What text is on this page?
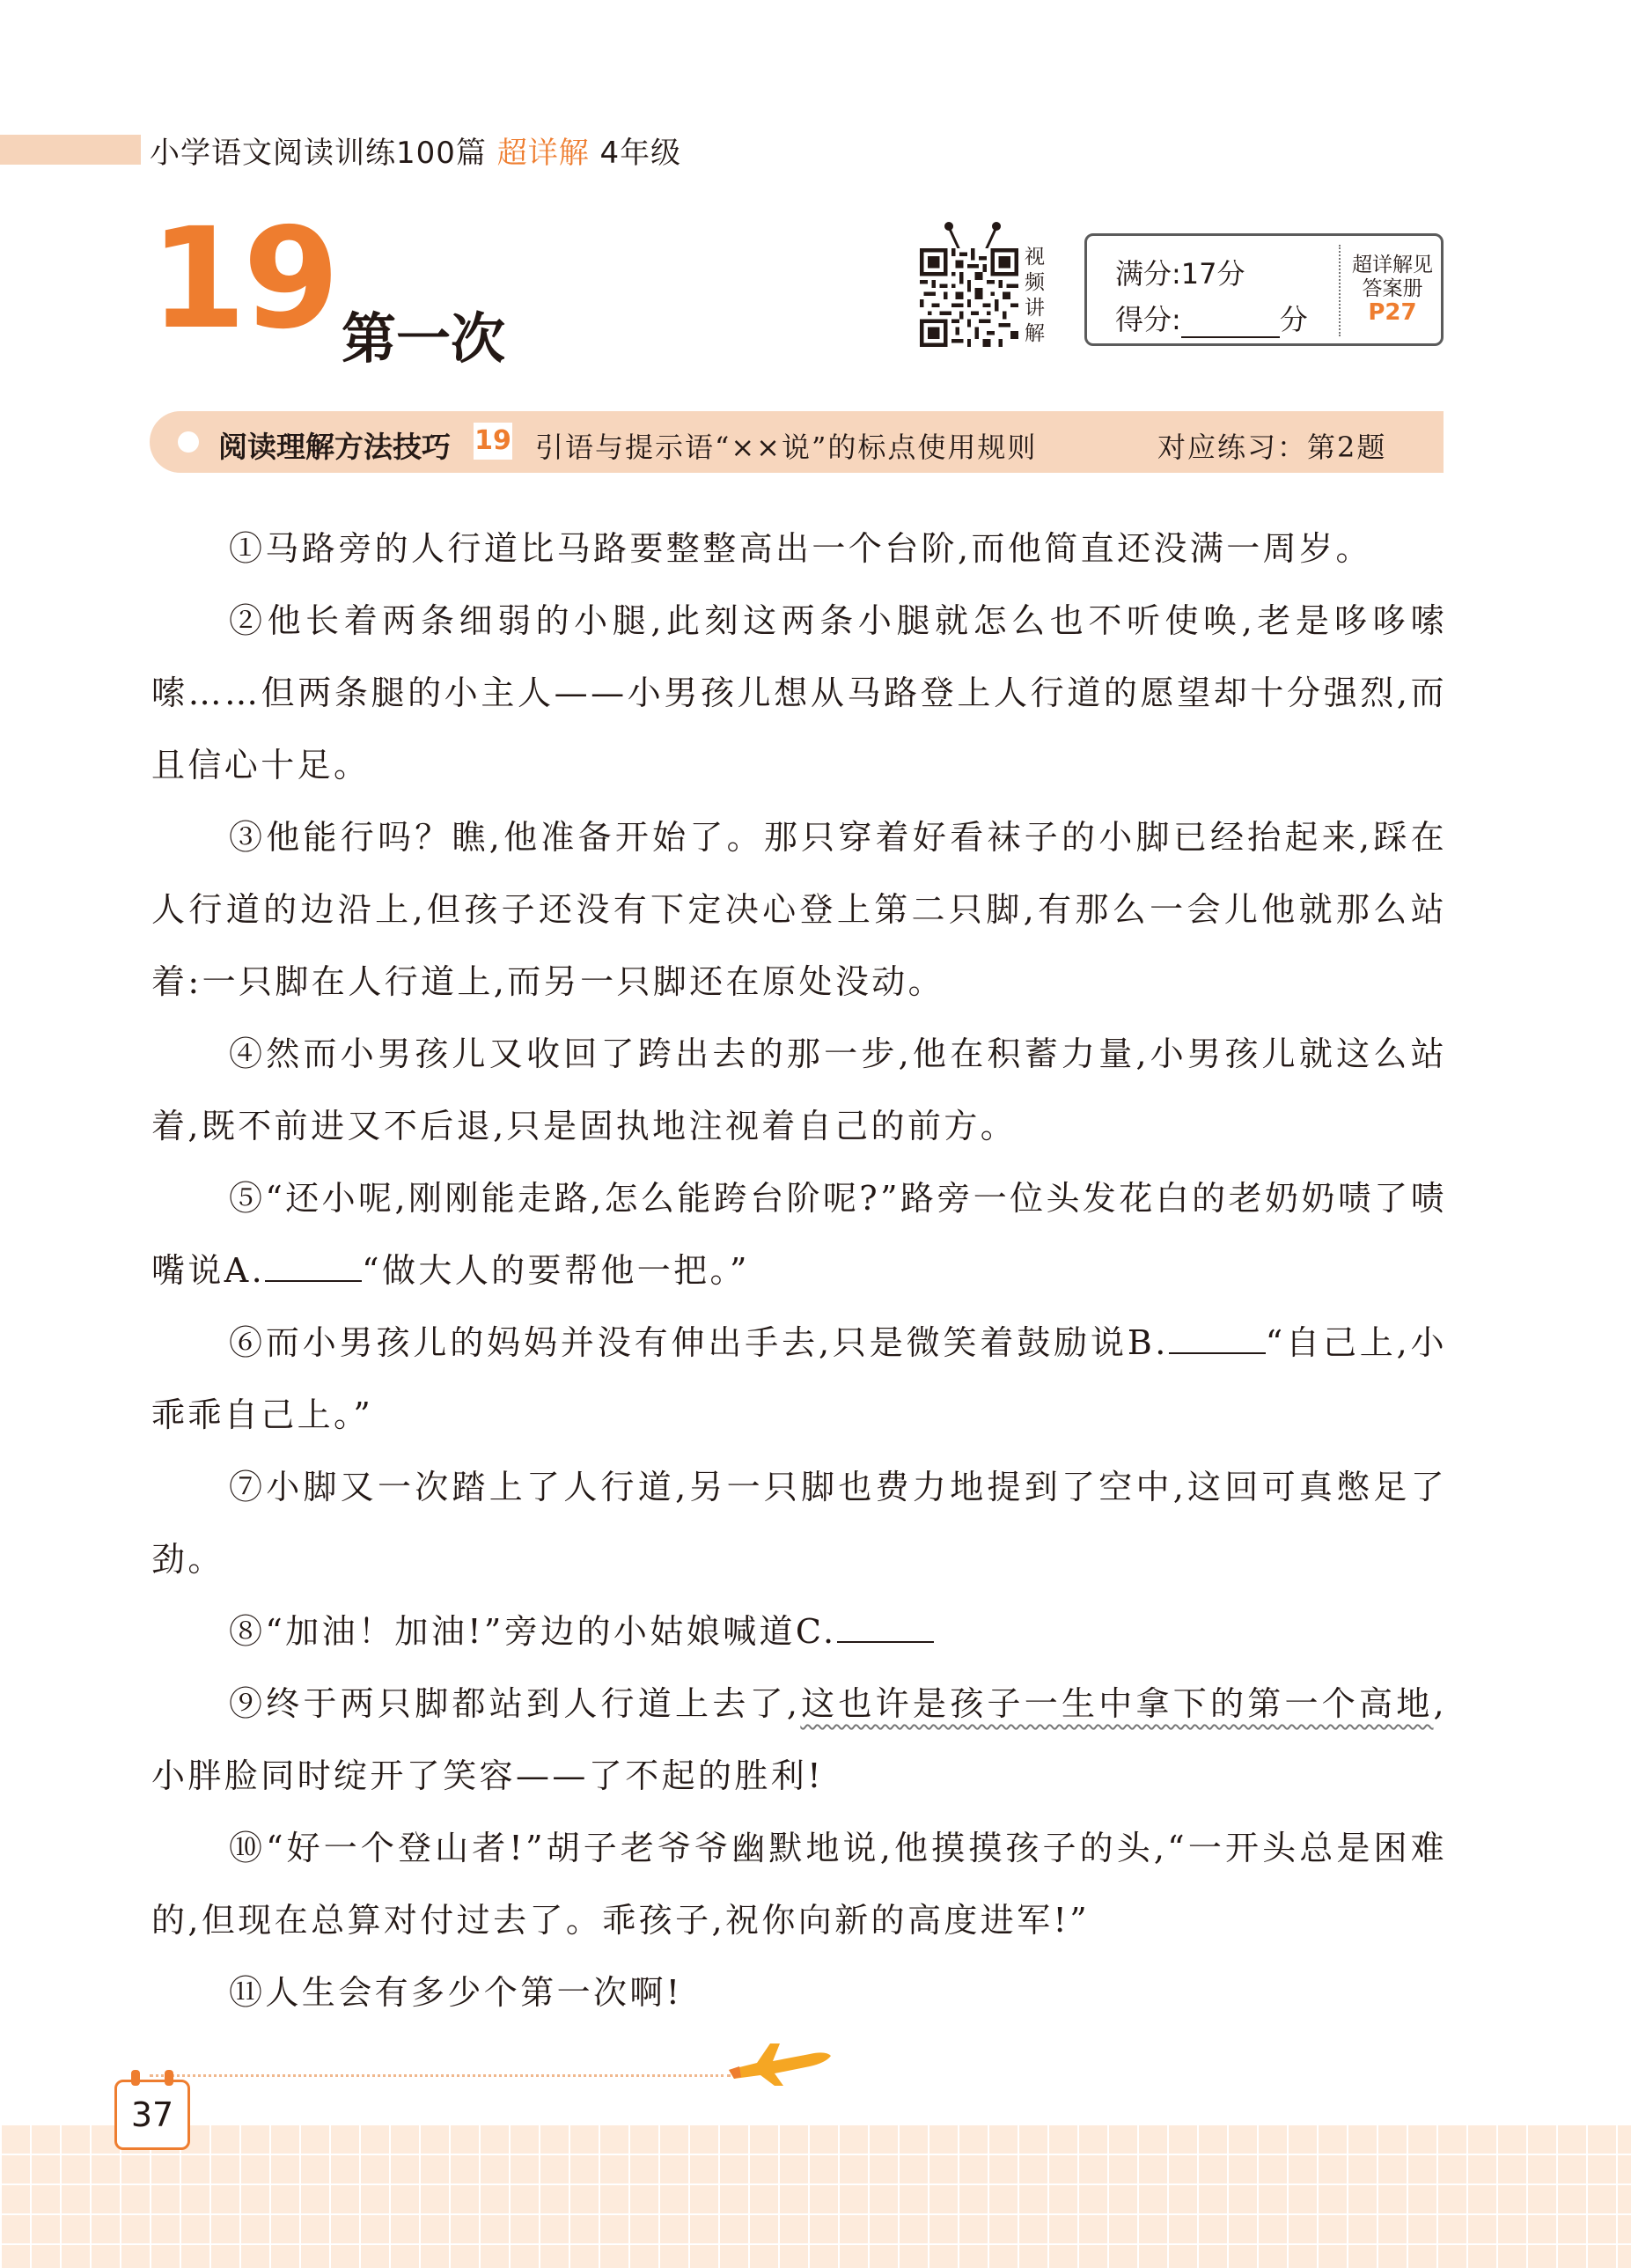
小学语文阅读训练100篇 超详解 4年级
19 第一次
视
频
讲
解
满分:17分
得分:	分
超详解见
答案册
P27
阅读理解方法技巧 19 引语与提示语“××说”的标点使用规则	对应练习：第2题

①马路旁的人行道比马路要整整高出一个台阶,而他简直还没满一周岁。

②他长着两条细弱的小腿,此刻这两条小腿就怎么也不听使唤,老是哆哆嗦嗦……但两条腿的小主人——小男孩儿想从马路登上人行道的愿望却十分强烈,而且信心十足。

③他能行吗？瞧,他准备开始了。那只穿着好看袜子的小脚已经抬起来,踩在人行道的边沿上,但孩子还没有下定决心登上第二只脚,有那么一会儿他就那么站着:一只脚在人行道上,而另一只脚还在原处没动。

④然而小男孩儿又收回了跨出去的那一步,他在积蓄力量,小男孩儿就这么站着,既不前进又不后退,只是固执地注视着自己的前方。

⑤“还小呢,刚刚能走路,怎么能跨台阶呢?”路旁一位头发花白的老奶奶啧了啧嘴说A.	“做大人的要帮他一把。”

⑥而小男孩儿的妈妈并没有伸出手去,只是微笑着鼓励说B.	“自己上,小乖乖自己上。”

⑦小脚又一次踏上了人行道,另一只脚也费力地提到了空中,这回可真憋足了劲。

⑧“加油！加油!”旁边的小姑娘喊道C.

⑨终于两只脚都站到人行道上去了,这也许是孩子一生中拿下的第一个高地,小胖脸同时绽开了笑容——了不起的胜利!

⑩“好一个登山者!”胡子老爷爷幽默地说,他摸摸孩子的头,“一开头总是困难的,但现在总算对付过去了。乖孩子,祝你向新的高度进军!”

⑪人生会有多少个第一次啊!

37
